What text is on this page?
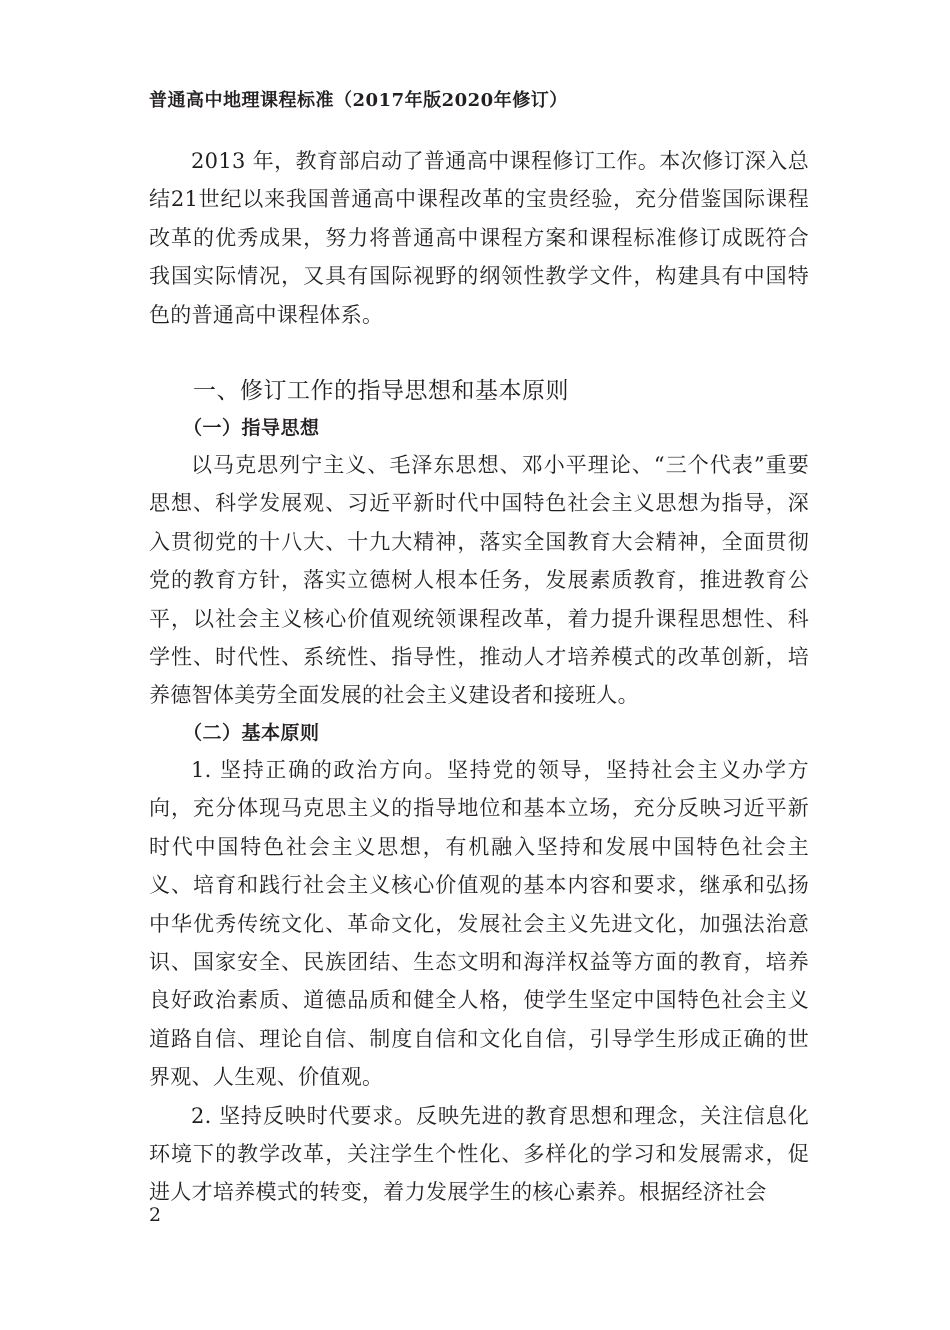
普通高中地理课程标准（2017年版2020年修订）

2013 年，教育部启动了普通高中课程修订工作。本次修订深入总结21世纪以来我国普通高中课程改革的宝贵经验，充分借鉴国际课程改革的优秀成果，努力将普通高中课程方案和课程标准修订成既符合我国实际情况，又具有国际视野的纲领性教学文件，构建具有中国特色的普通高中课程体系。

一、修订工作的指导思想和基本原则
（一）指导思想

以马克思列宁主义、毛泽东思想、邓小平理论、“三个代表”重要思想、科学发展观、习近平新时代中国特色社会主义思想为指导，深入贯彻党的十八大、十九大精神，落实全国教育大会精神，全面贯彻党的教育方针，落实立德树人根本任务，发展素质教育，推进教育公平，以社会主义核心价值观统领课程改革，着力提升课程思想性、科学性、时代性、系统性、指导性，推动人才培养模式的改革创新，培养德智体美劳全面发展的社会主义建设者和接班人。

（二）基本原则

1. 坚持正确的政治方向。坚持党的领导，坚持社会主义办学方向，充分体现马克思主义的指导地位和基本立场，充分反映习近平新时代中国特色社会主义思想，有机融入坚持和发展中国特色社会主义、培育和践行社会主义核心价值观的基本内容和要求，继承和弘扬中华优秀传统文化、革命文化，发展社会主义先进文化，加强法治意识、国家安全、民族团结、生态文明和海洋权益等方面的教育，培养良好政治素质、道德品质和健全人格，使学生坚定中国特色社会主义道路自信、理论自信、制度自信和文化自信，引导学生形成正确的世界观、人生观、价值观。

2. 坚持反映时代要求。反映先进的教育思想和理念，关注信息化环境下的教学改革，关注学生个性化、多样化的学习和发展需求，促进人才培养模式的转变，着力发展学生的核心素养。根据经济社会

2
